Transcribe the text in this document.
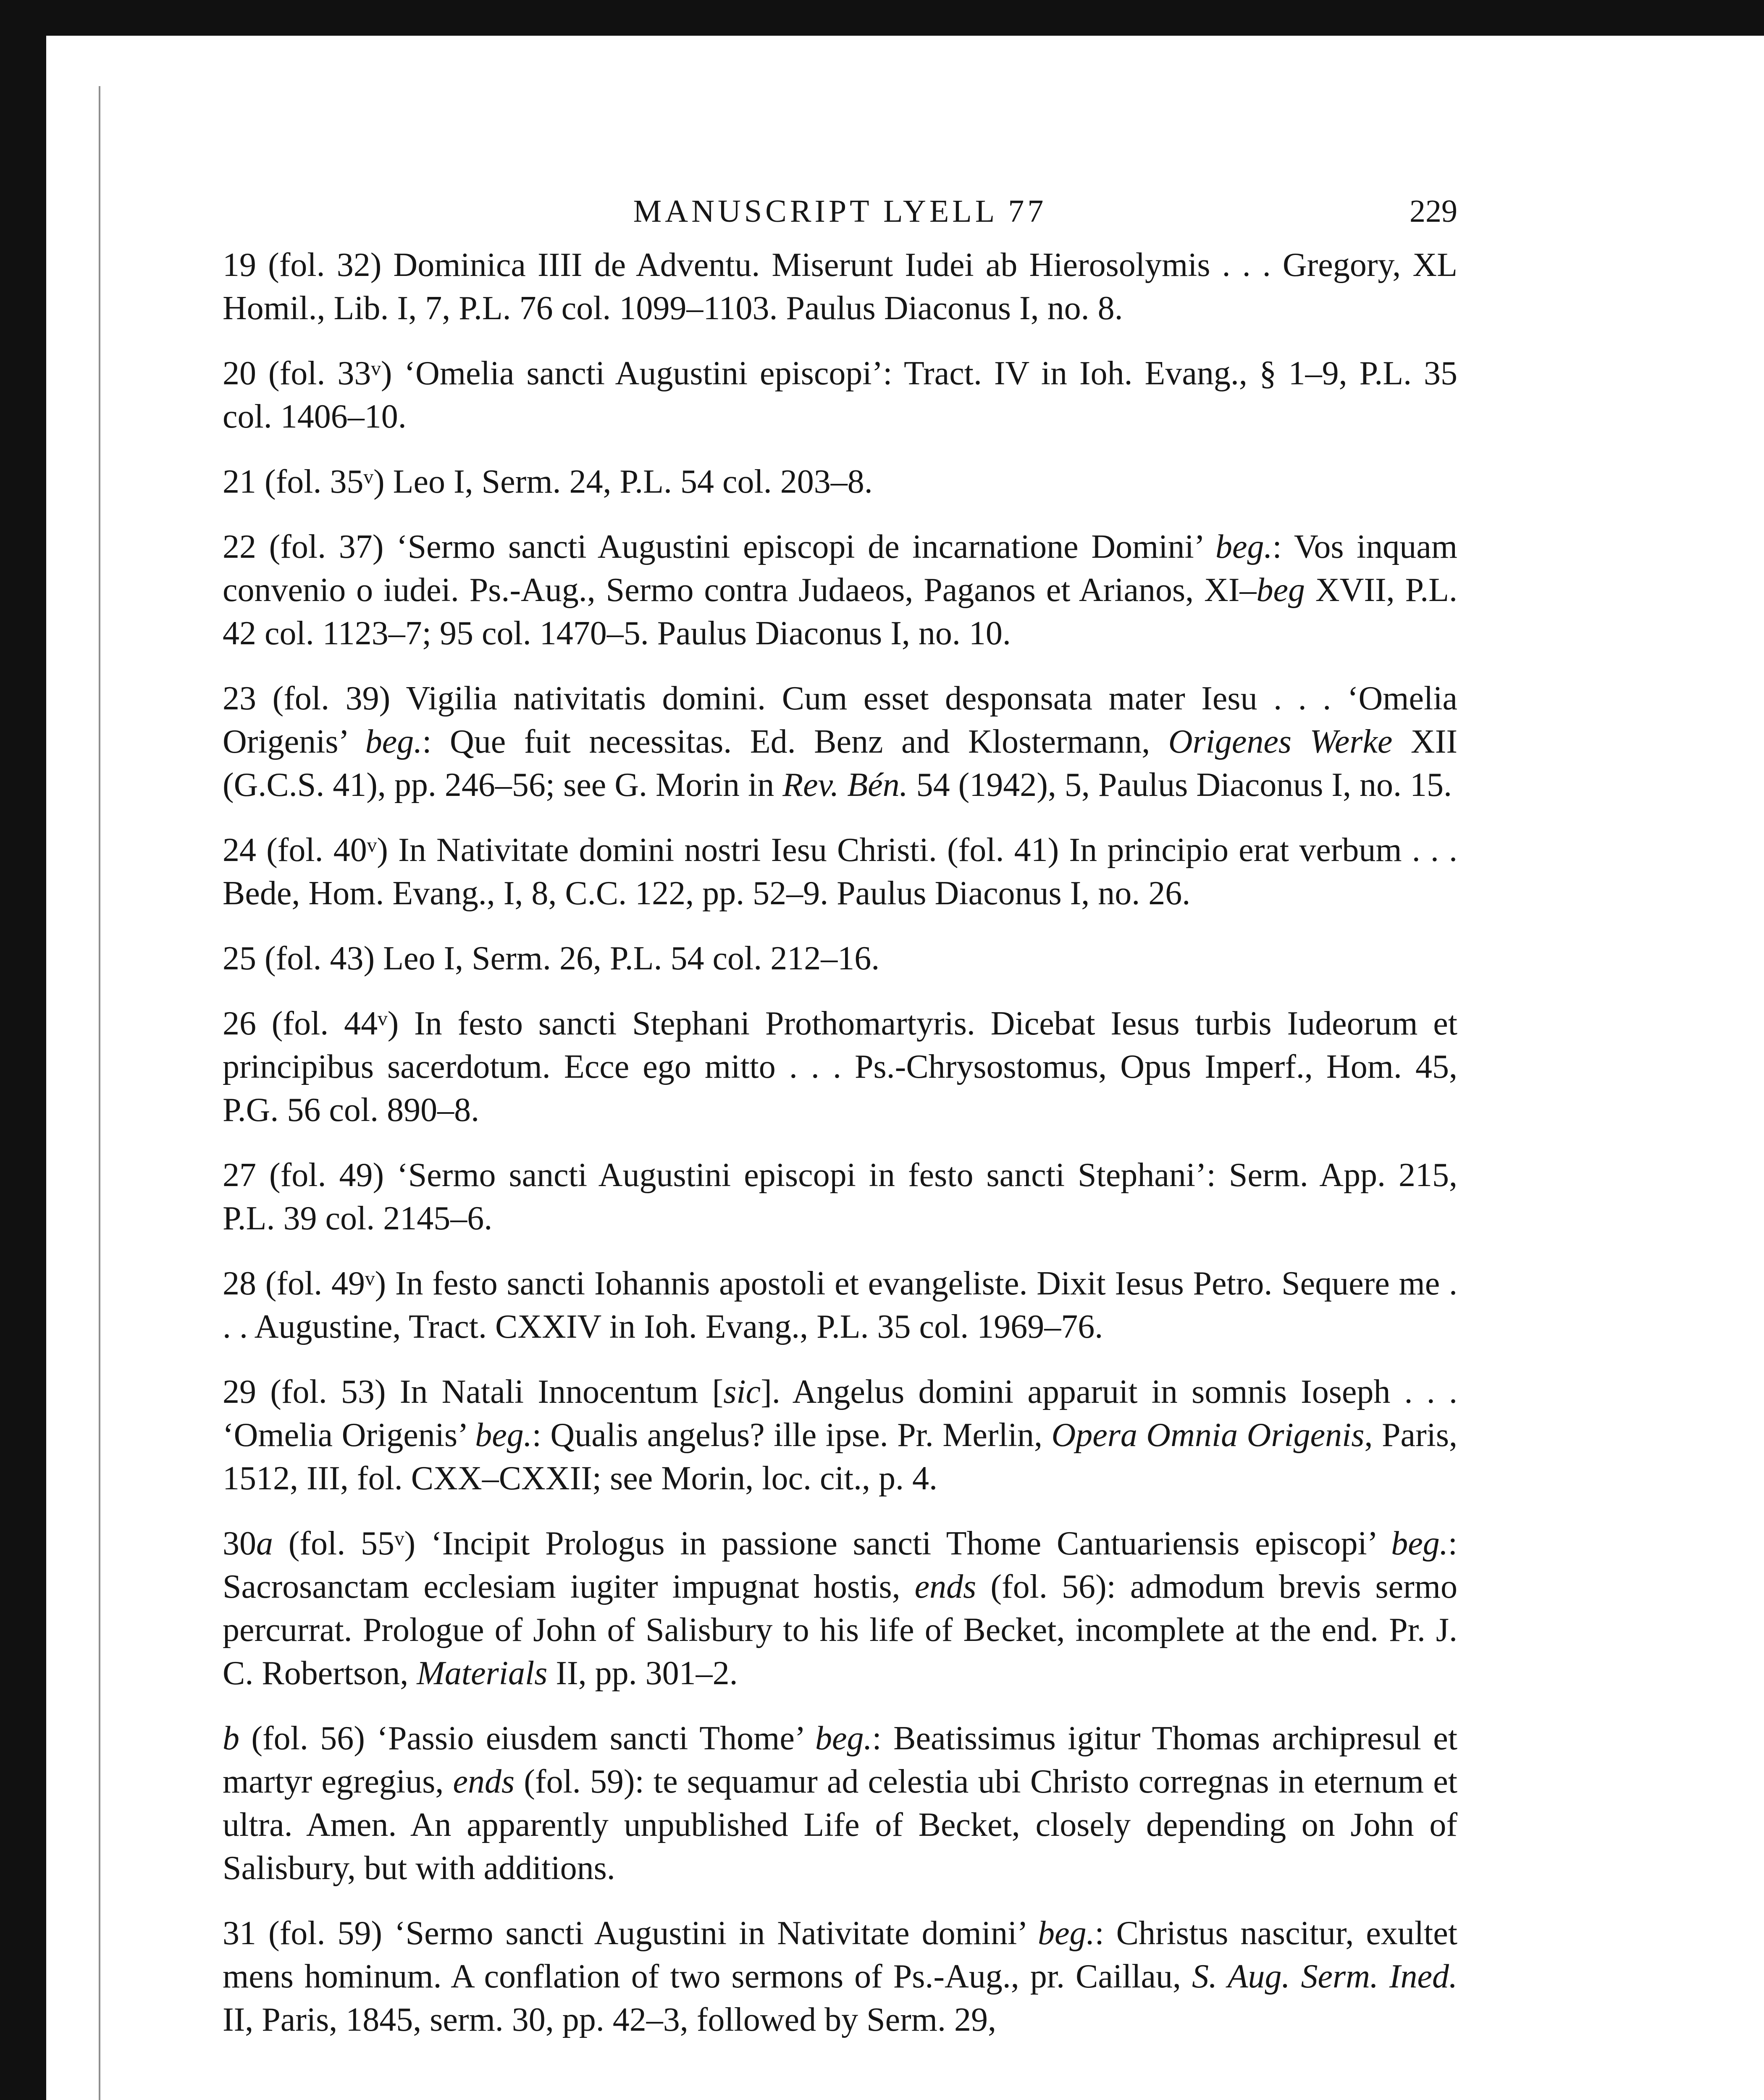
MANUSCRIPT LYELL 77	229

19 (fol. 32) Dominica IIII de Adventu. Miserunt Iudei ab Hierosolymis . . . Gregory, XL Homil., Lib. I, 7, P.L. 76 col. 1099–1103. Paulus Diaconus I, no. 8.

20 (fol. 33ᵛ) ‘Omelia sancti Augustini episcopi’: Tract. IV in Ioh. Evang., § 1–9, P.L. 35 col. 1406–10.

21 (fol. 35ᵛ) Leo I, Serm. 24, P.L. 54 col. 203–8.

22 (fol. 37) ‘Sermo sancti Augustini episcopi de incarnatione Domini’ beg.: Vos inquam convenio o iudei. Ps.-Aug., Sermo contra Judaeos, Paganos et Arianos, XI–beg XVII, P.L. 42 col. 1123–7; 95 col. 1470–5. Paulus Diaconus I, no. 10.

23 (fol. 39) Vigilia nativitatis domini. Cum esset desponsata mater Iesu . . . ‘Omelia Origenis’ beg.: Que fuit necessitas. Ed. Benz and Klostermann, Origenes Werke XII (G.C.S. 41), pp. 246–56; see G. Morin in Rev. Bén. 54 (1942), 5, Paulus Diaconus I, no. 15.

24 (fol. 40ᵛ) In Nativitate domini nostri Iesu Christi. (fol. 41) In principio erat verbum . . . Bede, Hom. Evang., I, 8, C.C. 122, pp. 52–9. Paulus Diaconus I, no. 26.

25 (fol. 43) Leo I, Serm. 26, P.L. 54 col. 212–16.

26 (fol. 44ᵛ) In festo sancti Stephani Prothomartyris. Dicebat Iesus turbis Iudeorum et principibus sacerdotum. Ecce ego mitto . . . Ps.-Chrysostomus, Opus Imperf., Hom. 45, P.G. 56 col. 890–8.

27 (fol. 49) ‘Sermo sancti Augustini episcopi in festo sancti Stephani’: Serm. App. 215, P.L. 39 col. 2145–6.

28 (fol. 49ᵛ) In festo sancti Iohannis apostoli et evangeliste. Dixit Iesus Petro. Sequere me . . . Augustine, Tract. CXXIV in Ioh. Evang., P.L. 35 col. 1969–76.

29 (fol. 53) In Natali Innocentum [sic]. Angelus domini apparuit in somnis Ioseph . . . ‘Omelia Origenis’ beg.: Qualis angelus? ille ipse. Pr. Merlin, Opera Omnia Origenis, Paris, 1512, III, fol. CXX–CXXII; see Morin, loc. cit., p. 4.

30a (fol. 55ᵛ) ‘Incipit Prologus in passione sancti Thome Cantuariensis episcopi’ beg.: Sacrosanctam ecclesiam iugiter impugnat hostis, ends (fol. 56): admodum brevis sermo percurrat. Prologue of John of Salisbury to his life of Becket, incomplete at the end. Pr. J. C. Robertson, Materials II, pp. 301–2.

b (fol. 56) ‘Passio eiusdem sancti Thome’ beg.: Beatissimus igitur Thomas archipresul et martyr egregius, ends (fol. 59): te sequamur ad celestia ubi Christo corregnas in eternum et ultra. Amen. An apparently unpublished Life of Becket, closely depending on John of Salisbury, but with additions.

31 (fol. 59) ‘Sermo sancti Augustini in Nativitate domini’ beg.: Christus nascitur, exultet mens hominum. A conflation of two sermons of Ps.-Aug., pr. Caillau, S. Aug. Serm. Ined. II, Paris, 1845, serm. 30, pp. 42–3, followed by Serm. 29,
